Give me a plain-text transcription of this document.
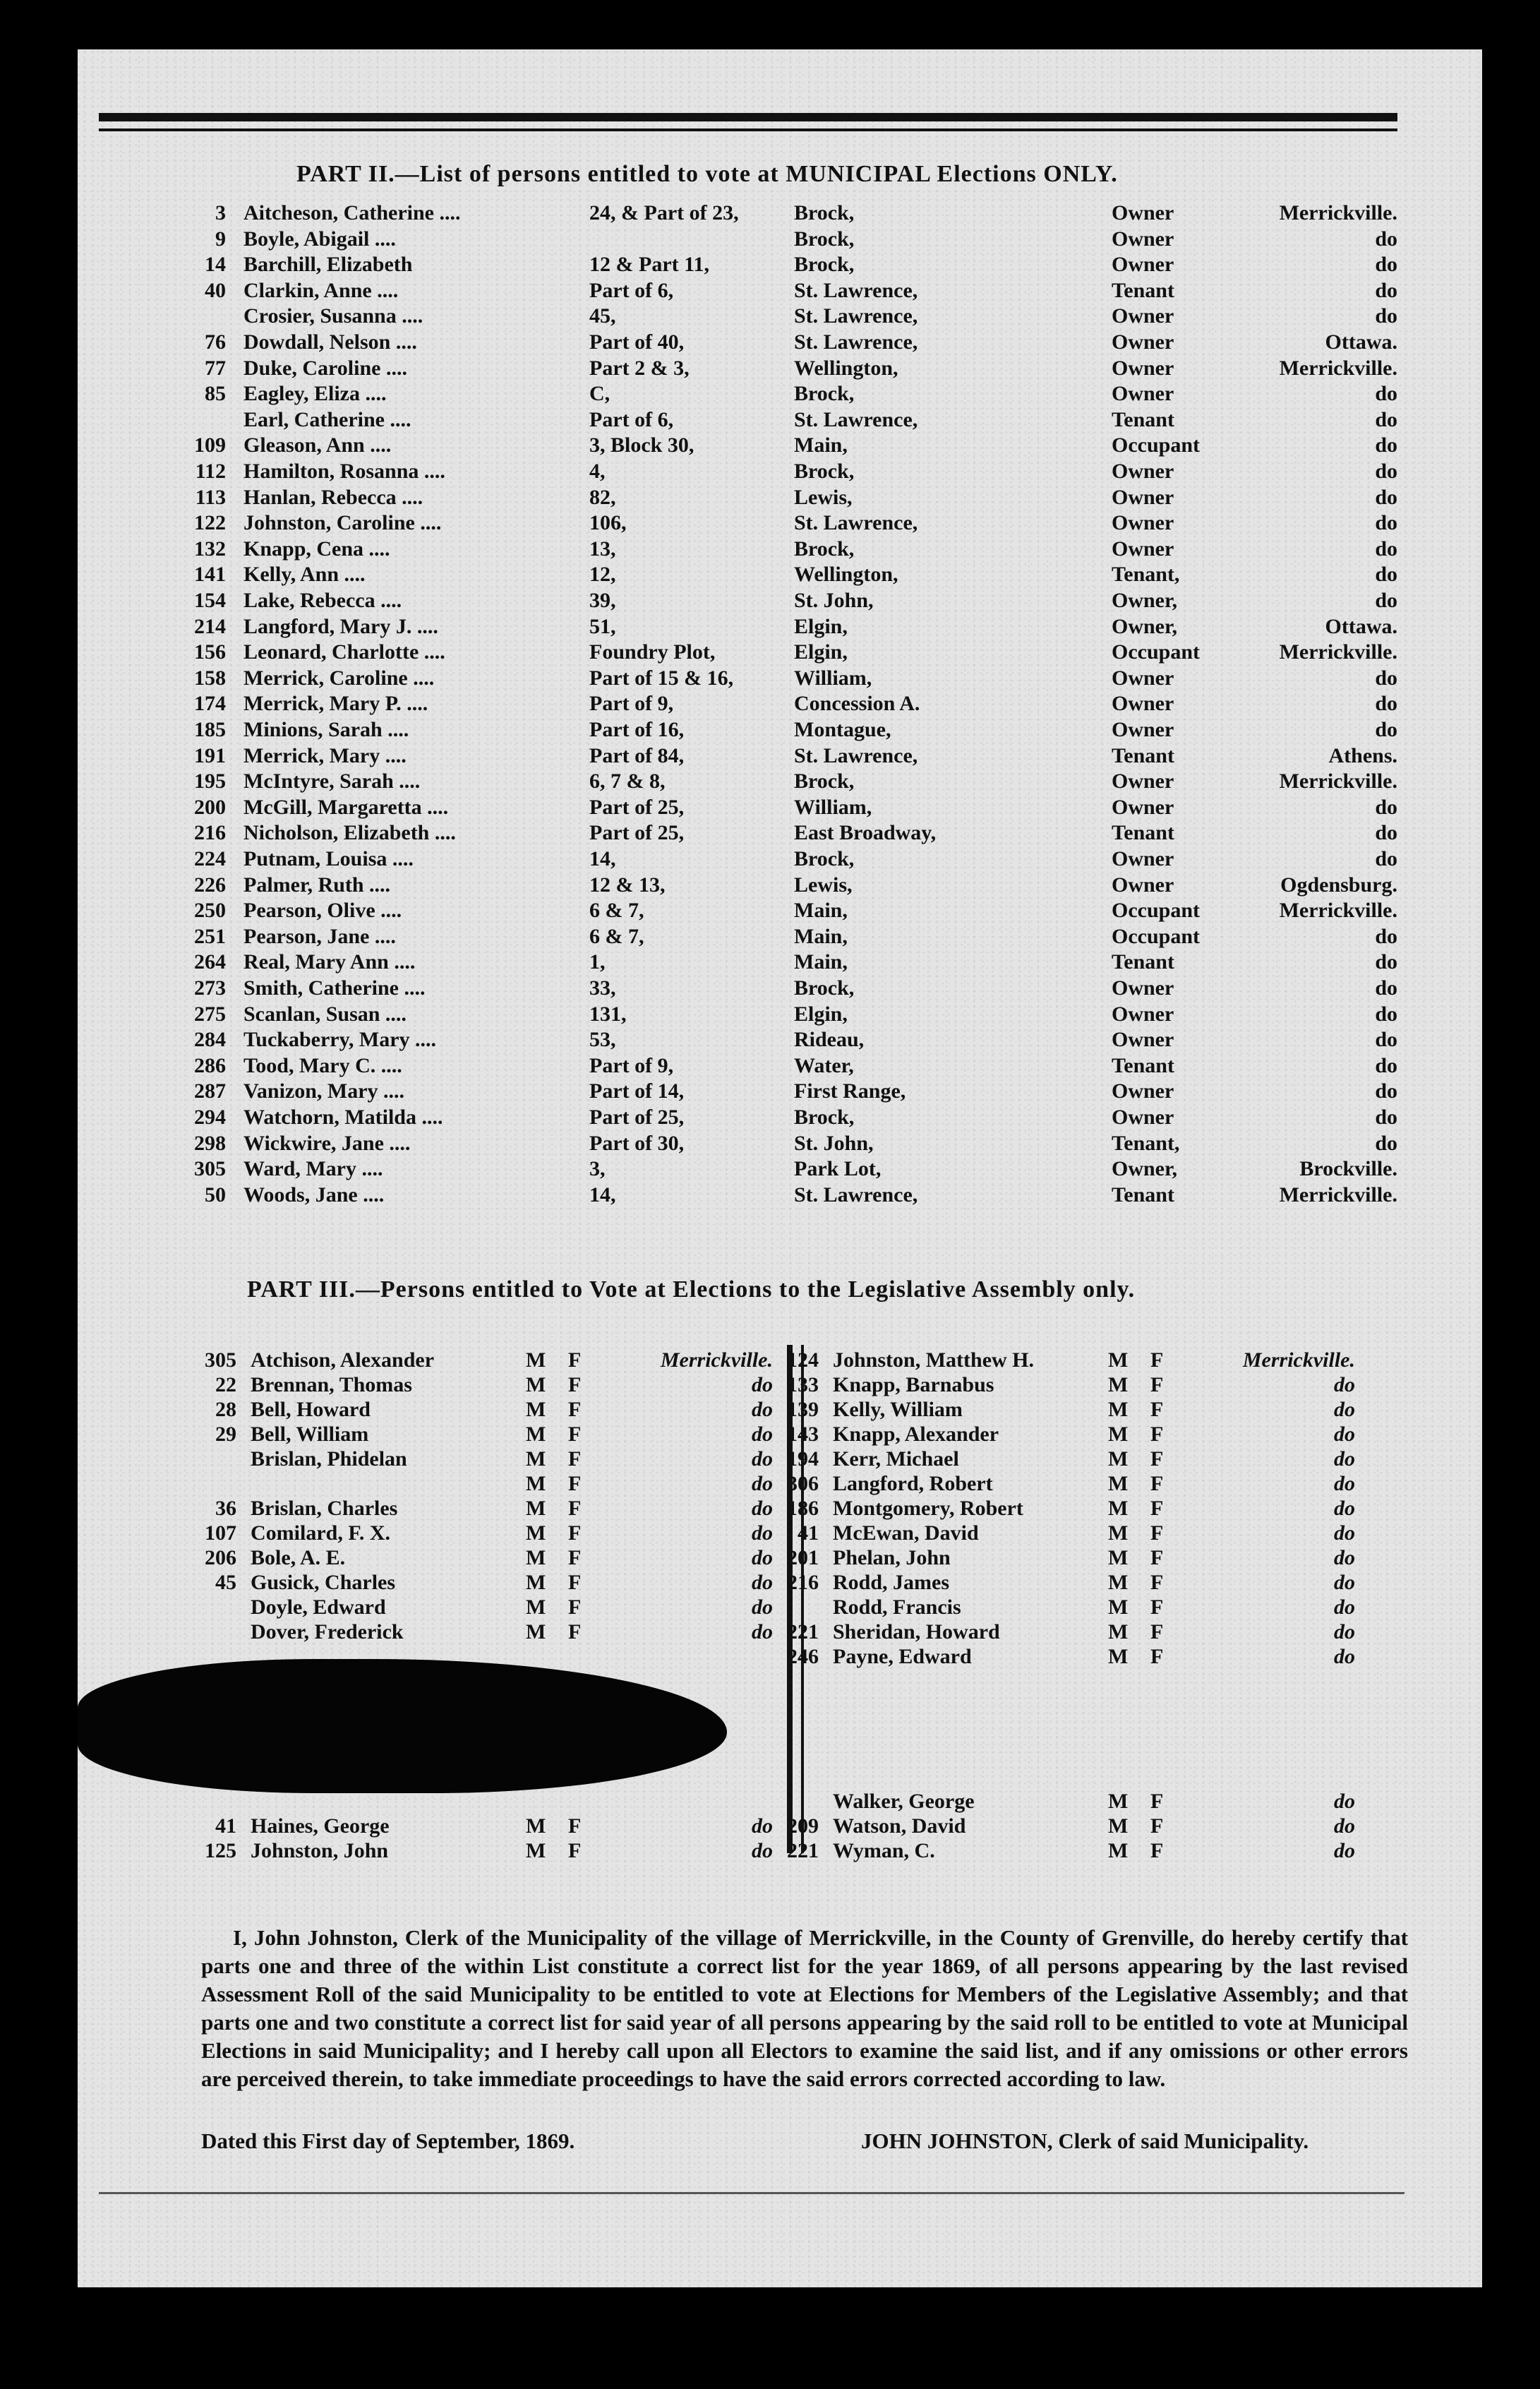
PART II.—List of persons entitled to vote at MUNICIPAL Elections ONLY.
3 Aitcheson, Catherine ....	24, & Part of 23,	Brock,	Owner	Merrickville.
9 Boyle, Abigail ....	Brock,	Owner	do
14 Barchill, Elizabeth	12 & Part 11,	Brock,	Owner	do
40 Clarkin, Anne ....	Part of 6,	St. Lawrence,	Tenant	do
Crosier, Susanna ....	45,	St. Lawrence,	Owner	do
76 Dowdall, Nelson ....	Part of 40,	St. Lawrence,	Owner	Ottawa.
77 Duke, Caroline ....	Part 2 & 3,	Wellington,	Owner	Merrickville.
85 Eagley, Eliza ....	C,	Brock,	Owner	do
Earl, Catherine ....	Part of 6,	St. Lawrence,	Tenant	do
109 Gleason, Ann ....	3, Block 30,	Main,	Occupant	do
112 Hamilton, Rosanna ....	4,	Brock,	Owner	do
113 Hanlan, Rebecca ....	82,	Lewis,	Owner	do
122 Johnston, Caroline ....	106,	St. Lawrence,	Owner	do
132 Knapp, Cena ....	13,	Brock,	Owner	do
141 Kelly, Ann ....	12,	Wellington,	Tenant,	do
154 Lake, Rebecca ....	39,	St. John,	Owner,	do
214 Langford, Mary J. ....	51,	Elgin,	Owner,	Ottawa.
156 Leonard, Charlotte ....	Foundry Plot,	Elgin,	Occupant	Merrickville.
158 Merrick, Caroline ....	Part of 15 & 16,	William,	Owner	do
174 Merrick, Mary P. ....	Part of 9,	Concession A.	Owner	do
185 Minions, Sarah ....	Part of 16,	Montague,	Owner	do
191 Merrick, Mary ....	Part of 84,	St. Lawrence,	Tenant	Athens.
195 McIntyre, Sarah ....	6, 7 & 8,	Brock,	Owner	Merrickville.
200 McGill, Margaretta ....	Part of 25,	William,	Owner	do
216 Nicholson, Elizabeth ....	Part of 25,	East Broadway,	Tenant	do
224 Putnam, Louisa ....	14,	Brock,	Owner	do
226 Palmer, Ruth ....	12 & 13,	Lewis,	Owner	Ogdensburg.
250 Pearson, Olive ....	6 & 7,	Main,	Occupant	Merrickville.
251 Pearson, Jane ....	6 & 7,	Main,	Occupant	do
264 Real, Mary Ann ....	1,	Main,	Tenant	do
273 Smith, Catherine ....	33,	Brock,	Owner	do
275 Scanlan, Susan ....	131,	Elgin,	Owner	do
284 Tuckaberry, Mary ....	53,	Rideau,	Owner	do
286 Tood, Mary C. ....	Part of 9,	Water,	Tenant	do
287 Vanizon, Mary ....	Part of 14,	First Range,	Owner	do
294 Watchorn, Matilda ....	Part of 25,	Brock,	Owner	do
298 Wickwire, Jane ....	Part of 30,	St. John,	Tenant,	do
305 Ward, Mary ....	3,	Park Lot,	Owner,	Brockville.
50 Woods, Jane ....	14,	St. Lawrence,	Tenant	Merrickville.
PART III.—Persons entitled to Vote at Elections to the Legislative Assembly only.
305 Atchison, Alexander	M F	Merrickville.
22 Brennan, Thomas	M F	do
28 Bell, Howard	M F	do
29 Bell, William	M F	do
Brislan, Phidelan	M F	do
M F	do
36 Brislan, Charles	M F	do
107 Comilard, F. X.	M F	do
206 Bole, A. E.	M F	do
45 Gusick, Charles	M F	do
Doyle, Edward	M F	do
Dover, Frederick	M F	do
41 Haines, George	M F	do
125 Johnston, John	M F	do
124 Johnston, Matthew H.	M F	Merrickville.
133 Knapp, Barnabus	M F	do
139 Kelly, William	M F	do
143 Knapp, Alexander	M F	do
194 Kerr, Michael	M F	do
306 Langford, Robert	M F	do
186 Montgomery, Robert	M F	do
41 McEwan, David	M F	do
201 Phelan, John	M F	do
216 Rodd, James	M F	do
Rodd, Francis	M F	do
221 Sheridan, Howard	M F	do
246 Payne, Edward	M F	do
Walker, George	M F	do
209 Watson, David	M F	do
221 Wyman, C.	M F	do
I, John Johnston, Clerk of the Municipality of the village of Merrickville, in the County of Grenville, do hereby certify that parts one and three of the within List constitute a correct list for the year 1869, of all persons appearing by the last revised Assessment Roll of the said Municipality to be entitled to vote at Elections for Members of the Legislative Assembly; and that parts one and two constitute a correct list for said year of all persons appearing by the said roll to be entitled to vote at Municipal Elections in said Municipality; and I hereby call upon all Electors to examine the said list, and if any omissions or other errors are perceived therein, to take immediate proceedings to have the said errors corrected according to law.
Dated this First day of September, 1869.	JOHN JOHNSTON, Clerk of said Municipality.
